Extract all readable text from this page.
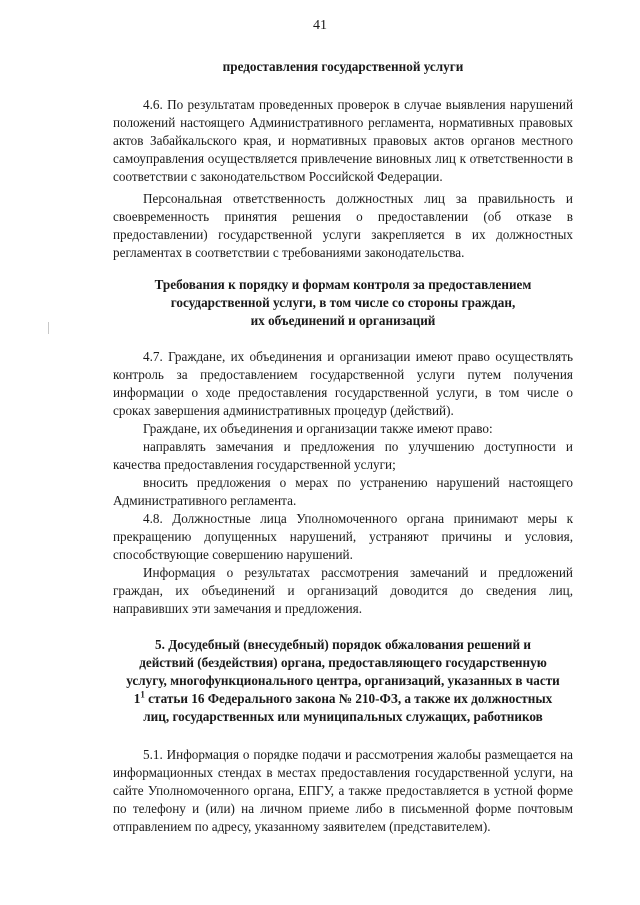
41
предоставления государственной услуги

4.6. По результатам проведенных проверок в случае выявления нарушений положений настоящего Административного регламента, нормативных правовых актов Забайкальского края, и нормативных правовых актов органов местного самоуправления осуществляется привлечение виновных лиц к ответственности в соответствии с законодательством Российской Федерации.

Персональная ответственность должностных лиц за правильность и своевременность принятия решения о предоставлении (об отказе в предоставлении) государственной услуги закрепляется в их должностных регламентах в соответствии с требованиями законодательства.

Требования к порядку и формам контроля за предоставлением
государственной услуги, в том числе со стороны граждан,
их объединений и организаций

4.7. Граждане, их объединения и организации имеют право осуществлять контроль за предоставлением государственной услуги путем получения информации о ходе предоставления государственной услуги, в том числе о сроках завершения административных процедур (действий).

Граждане, их объединения и организации также имеют право:

направлять замечания и предложения по улучшению доступности и качества предоставления государственной услуги;

вносить предложения о мерах по устранению нарушений настоящего Административного регламента.

4.8. Должностные лица Уполномоченного органа принимают меры к прекращению допущенных нарушений, устраняют причины и условия, способствующие совершению нарушений.

Информация о результатах рассмотрения замечаний и предложений граждан, их объединений и организаций доводится до сведения лиц, направивших эти замечания и предложения.

5. Досудебный (внесудебный) порядок обжалования решений и
действий (бездействия) органа, предоставляющего государственную
услугу, многофункционального центра, организаций, указанных в части
$1^1$ статьи 16 Федерального закона № 210-ФЗ, а также их должностных
лиц, государственных или муниципальных служащих, работников

5.1. Информация о порядке подачи и рассмотрения жалобы размещается на информационных стендах в местах предоставления государственной услуги, на сайте Уполномоченного органа, ЕПГУ, а также предоставляется в устной форме по телефону и (или) на личном приеме либо в письменной форме почтовым отправлением по адресу, указанному заявителем (представителем).
